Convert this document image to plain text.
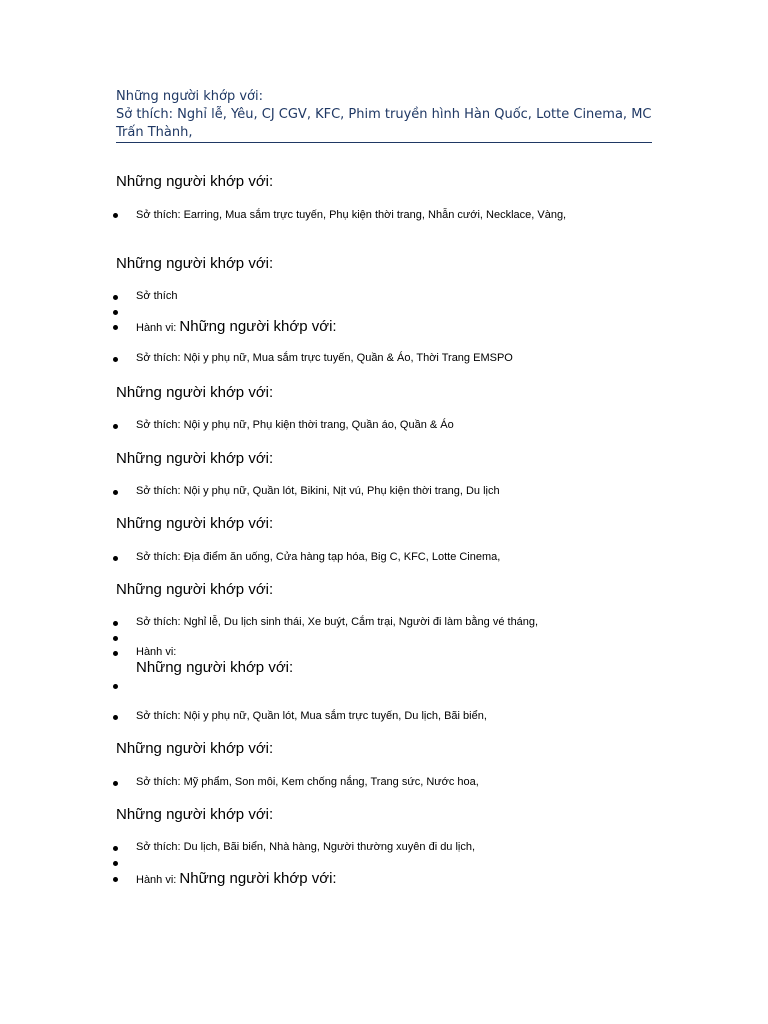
Những người khớp với:
Sở thích: Nghỉ lễ, Yêu, CJ CGV, KFC, Phim truyền hình Hàn Quốc, Lotte Cinema, MC
Trấn Thành,
Những người khớp với:
Sở thích: Earring, Mua sắm trực tuyến, Phụ kiện thời trang, Nhẫn cưới, Necklace, Vàng,
Những người khớp với:
Sở thích
Hành vi: Những người khớp với:
Sở thích: Nội y phụ nữ, Mua sắm trực tuyến, Quần & Áo, Thời Trang EMSPO
Những người khớp với:
Sở thích: Nội y phụ nữ, Phụ kiện thời trang, Quần áo, Quần & Áo
Những người khớp với:
Sở thích: Nội y phụ nữ, Quần lót, Bikini, Nịt vú, Phụ kiện thời trang, Du lịch
Những người khớp với:
Sở thích: Địa điểm ăn uống, Cửa hàng tạp hóa, Big C, KFC, Lotte Cinema,
Những người khớp với:
Sở thích: Nghỉ lễ, Du lịch sinh thái, Xe buýt, Cắm trại, Người đi làm bằng vé tháng,
Hành vi:
Những người khớp với:
Sở thích: Nội y phụ nữ, Quần lót, Mua sắm trực tuyến, Du lịch, Bãi biển,
Những người khớp với:
Sở thích: Mỹ phẩm, Son môi, Kem chống nắng, Trang sức, Nước hoa,
Những người khớp với:
Sở thích: Du lịch, Bãi biển, Nhà hàng, Người thường xuyên đi du lịch,
Hành vi: Những người khớp với:
